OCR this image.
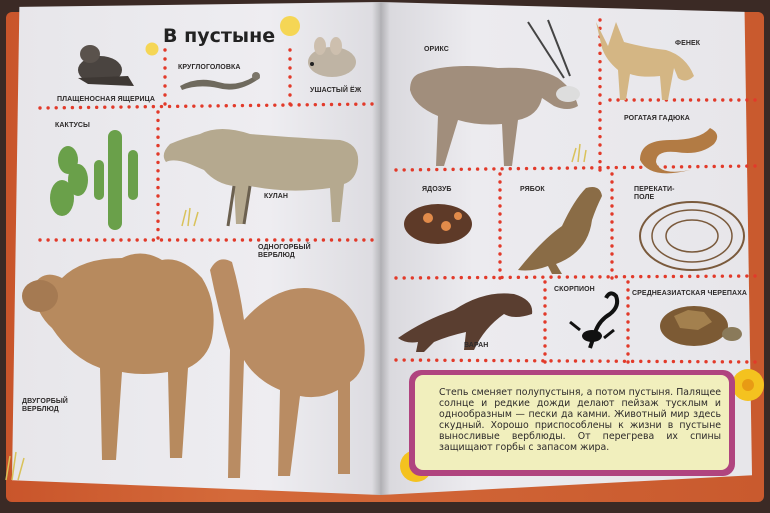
В пустыне
ПЛАЩЕНОСНАЯ ЯЩЕРИЦА
КРУГЛОГОЛОВКА
УШАСТЫЙ ЁЖ
КАКТУСЫ
КУЛАН
ОДНОГОРБЫЙ ВЕРБЛЮД
ДВУГОРБЫЙ ВЕРБЛЮД
ОРИКС
ФЕНЕК
РОГАТАЯ ГАДЮКА
ЯДОЗУБ	РЯБОК	ПЕРЕКАТИ-ПОЛЕ
ВАРАН
СКОРПИОН
СРЕДНЕАЗИАТСКАЯ ЧЕРЕПАХА
Степь сменяет полупустыня, а потом пустыня. Палящее солнце и редкие дожди делают пейзаж тусклым и однообразным — пески да камни. Животный мир здесь скудный. Хорошо приспособлены к жизни в пустыне выносливые верблюды. От перегрева их спины защищают горбы с запасом жира.
